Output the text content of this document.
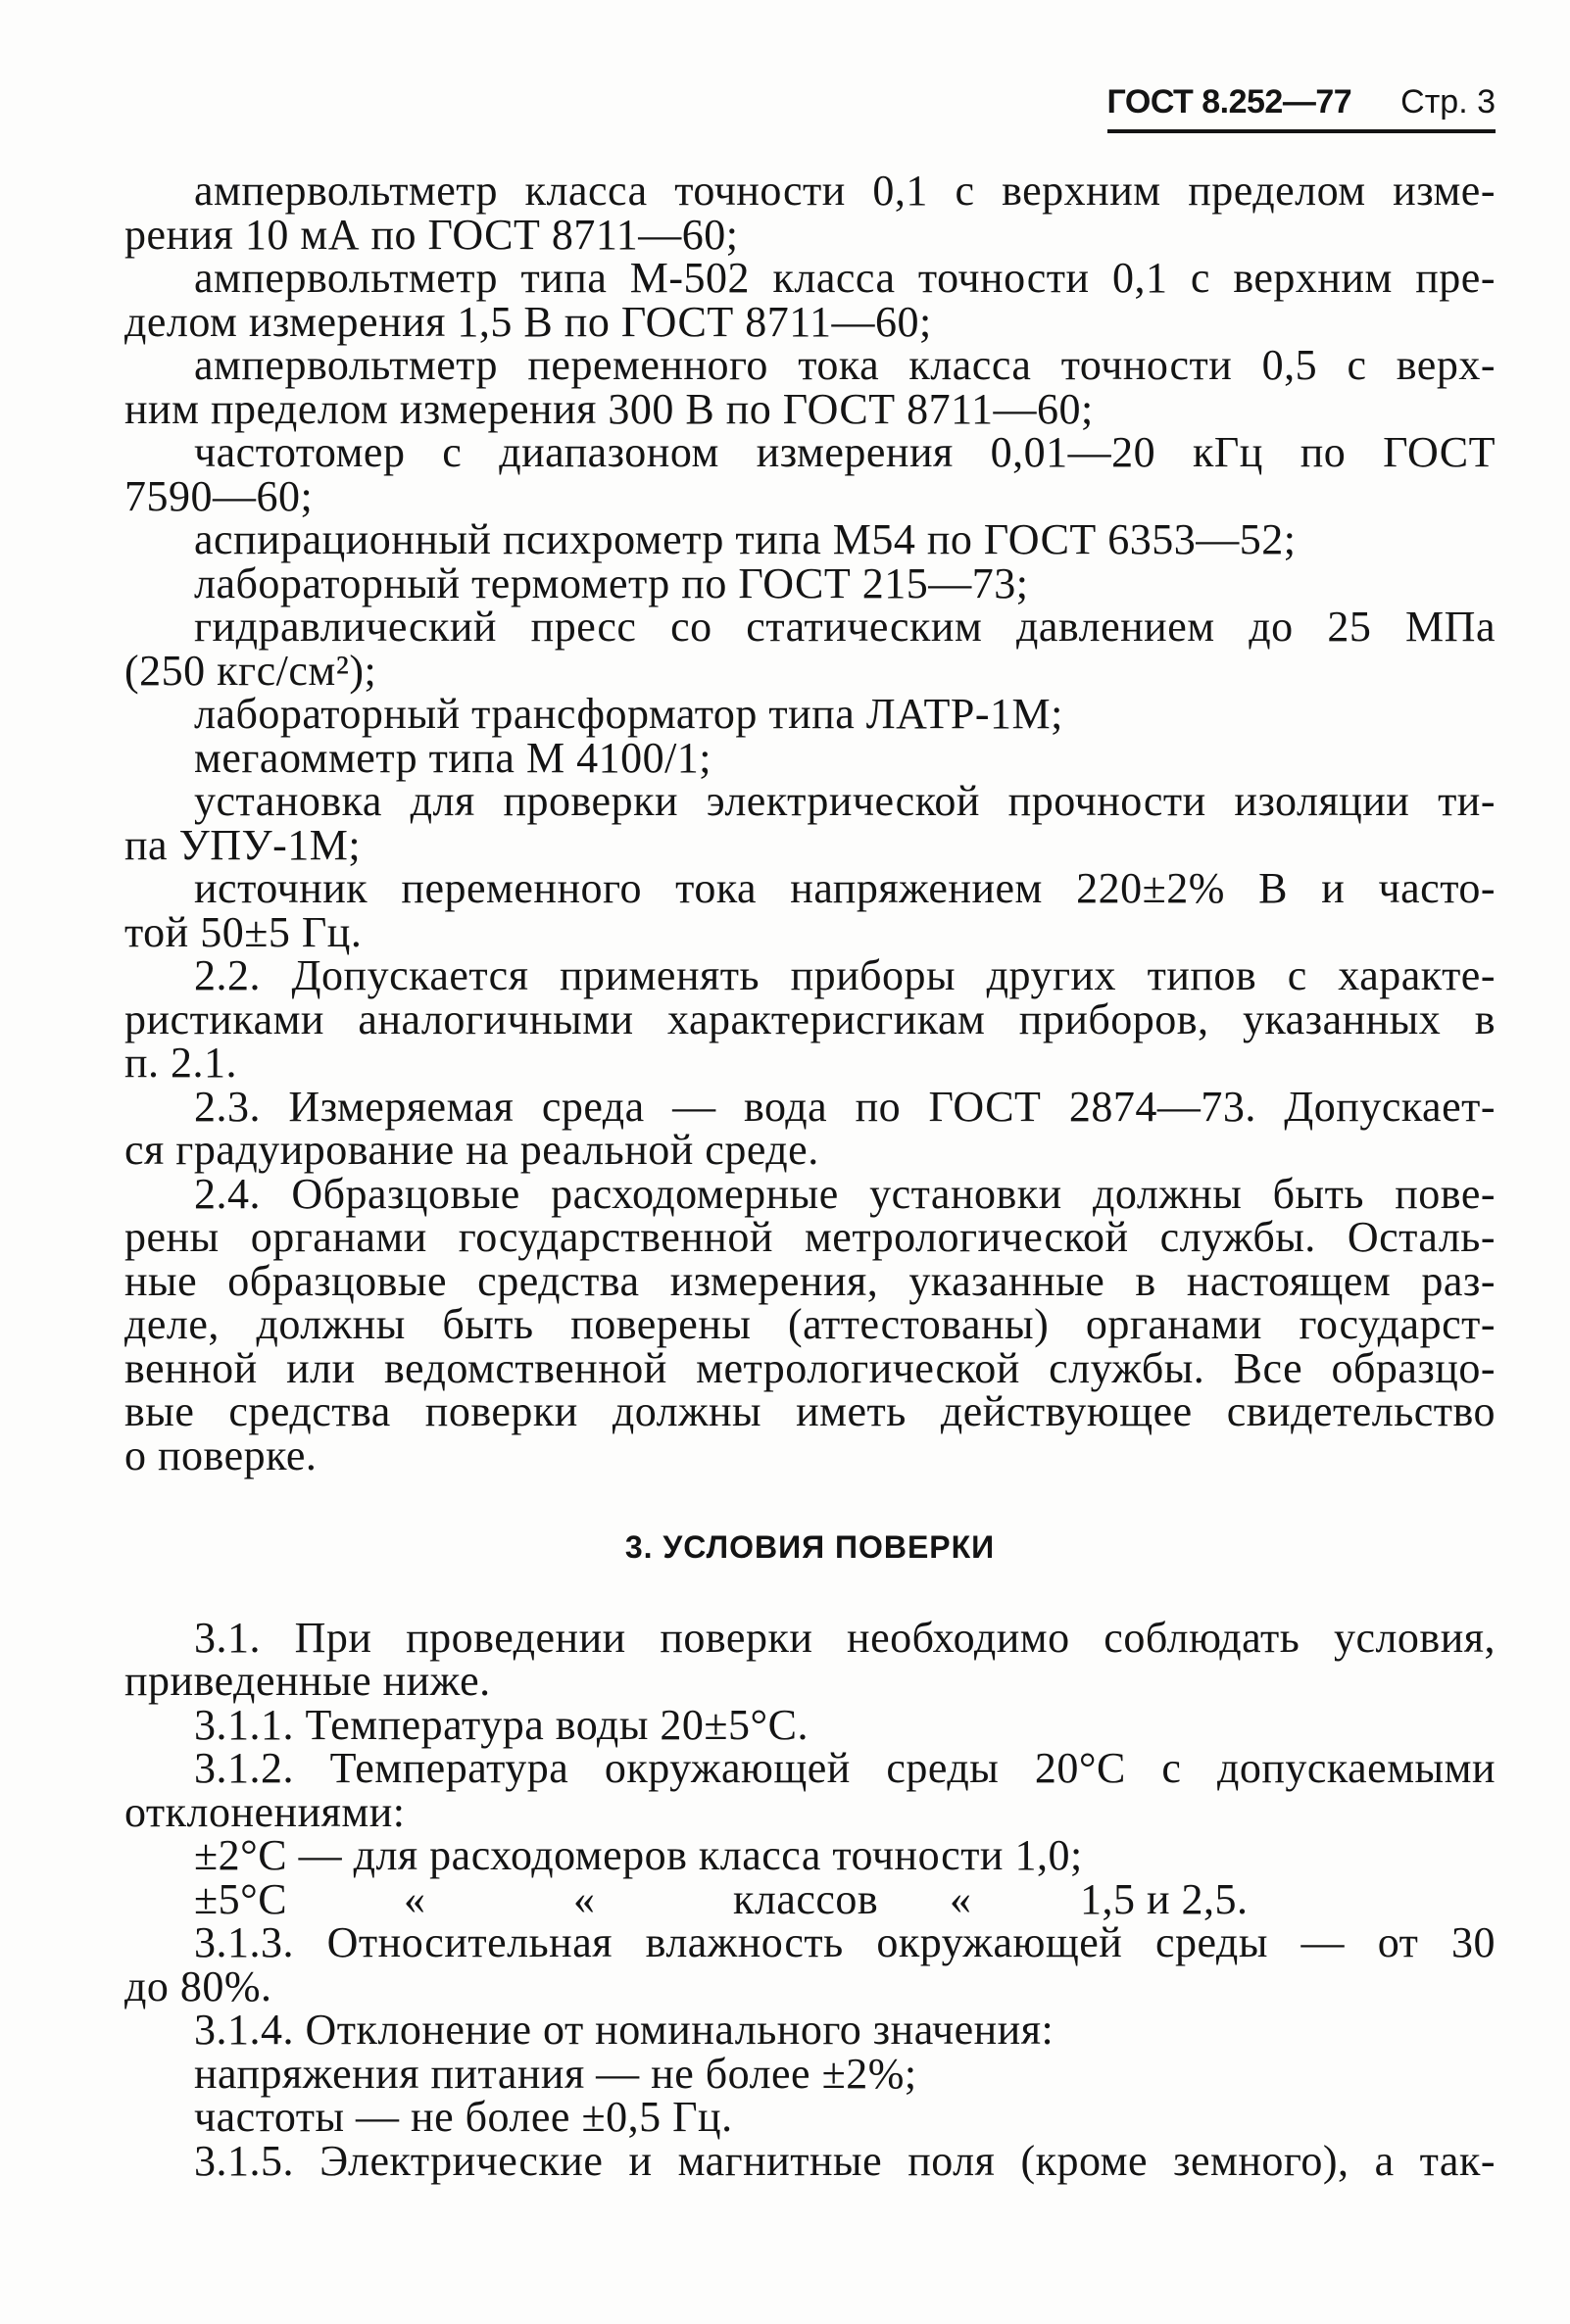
ГОСТ 8.252—77 Стр. 3
ампервольтметр класса точности 0,1 с верхним пределом изме-
рения 10 мА по ГОСТ 8711—60;
ампервольтметр типа М-502 класса точности 0,1 с верхним пре-
делом измерения 1,5 В по ГОСТ 8711—60;
ампервольтметр переменного тока класса точности 0,5 с верх-
ним пределом измерения 300 В по ГОСТ 8711—60;
частотомер с диапазоном измерения 0,01—20 кГц по ГОСТ
7590—60;
аспирационный психрометр типа М54 по ГОСТ 6353—52;
лабораторный термометр по ГОСТ 215—73;
гидравлический пресс со статическим давлением до 25 МПа
(250 кгс/см²);
лабораторный трансформатор типа ЛАТР-1М;
мегаомметр типа М 4100/1;
установка для проверки электрической прочности изоляции ти-
па УПУ-1М;
источник переменного тока напряжением 220±2% В и часто-
той 50±5 Гц.
2.2. Допускается применять приборы других типов с характе-
ристиками аналогичными характерисгикам приборов, указанных в
п. 2.1.
2.3. Измеряемая среда — вода по ГОСТ 2874—73. Допускает-
ся градуирование на реальной среде.
2.4. Образцовые расходомерные установки должны быть пове-
рены органами государственной метрологической службы. Осталь-
ные образцовые средства измерения, указанные в настоящем раз-
деле, должны быть поверены (аттестованы) органами государст-
венной или ведомственной метрологической службы. Все образцо-
вые средства поверки должны иметь действующее свидетельство
о поверке.
3. УСЛОВИЯ ПОВЕРКИ
3.1. При проведении поверки необходимо соблюдать условия,
приведенные ниже.
3.1.1. Температура воды 20±5°С.
3.1.2. Температура окружающей среды 20°С с допускаемыми
отклонениями:
±2°С — для расходомеров класса точности 1,0;
±5°С	«	«	классов «	1,5 и 2,5.
3.1.3. Относительная влажность окружающей среды — от 30
до 80%.
3.1.4. Отклонение от номинального значения:
напряжения питания — не более ±2%;
частоты — не более ±0,5 Гц.
3.1.5. Электрические и магнитные поля (кроме земного), а так-
